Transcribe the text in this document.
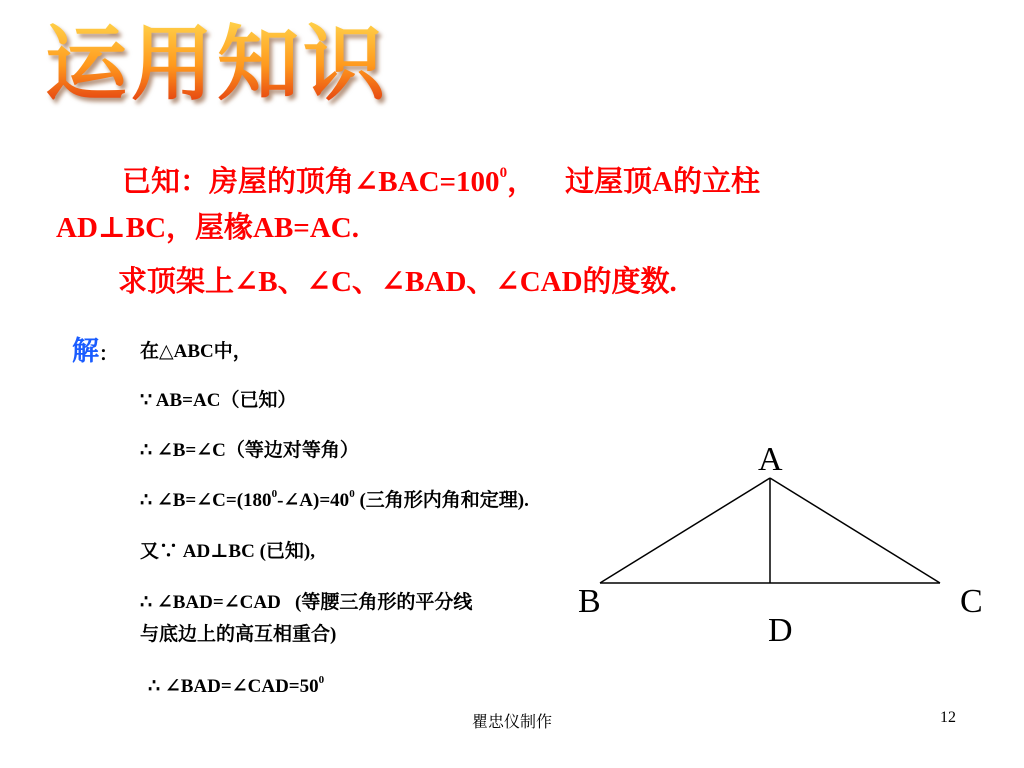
运用知识
已知：房屋的顶角$\angle BAC=100^0$，    过屋顶A的立柱
AD⊥BC，屋椽AB=AC.
求顶架上∠B、∠C、∠BAD、∠CAD的度数.
解： 在△ABC中，
∵ AB=AC（已知）
∴ ∠B=∠C（等边对等角）
∴ $\angle B=\angle C=(180^0-\angle A)=40^0$ (三角形内角和定理).
又∵ AD⊥BC (已知),
∴ ∠BAD=∠CAD   (等腰三角形的平分线
与底边上的高互相重合)
∴ $\angle BAD=\angle CAD=50^0$
A
B	C
D
瞿忠仪制作	12
